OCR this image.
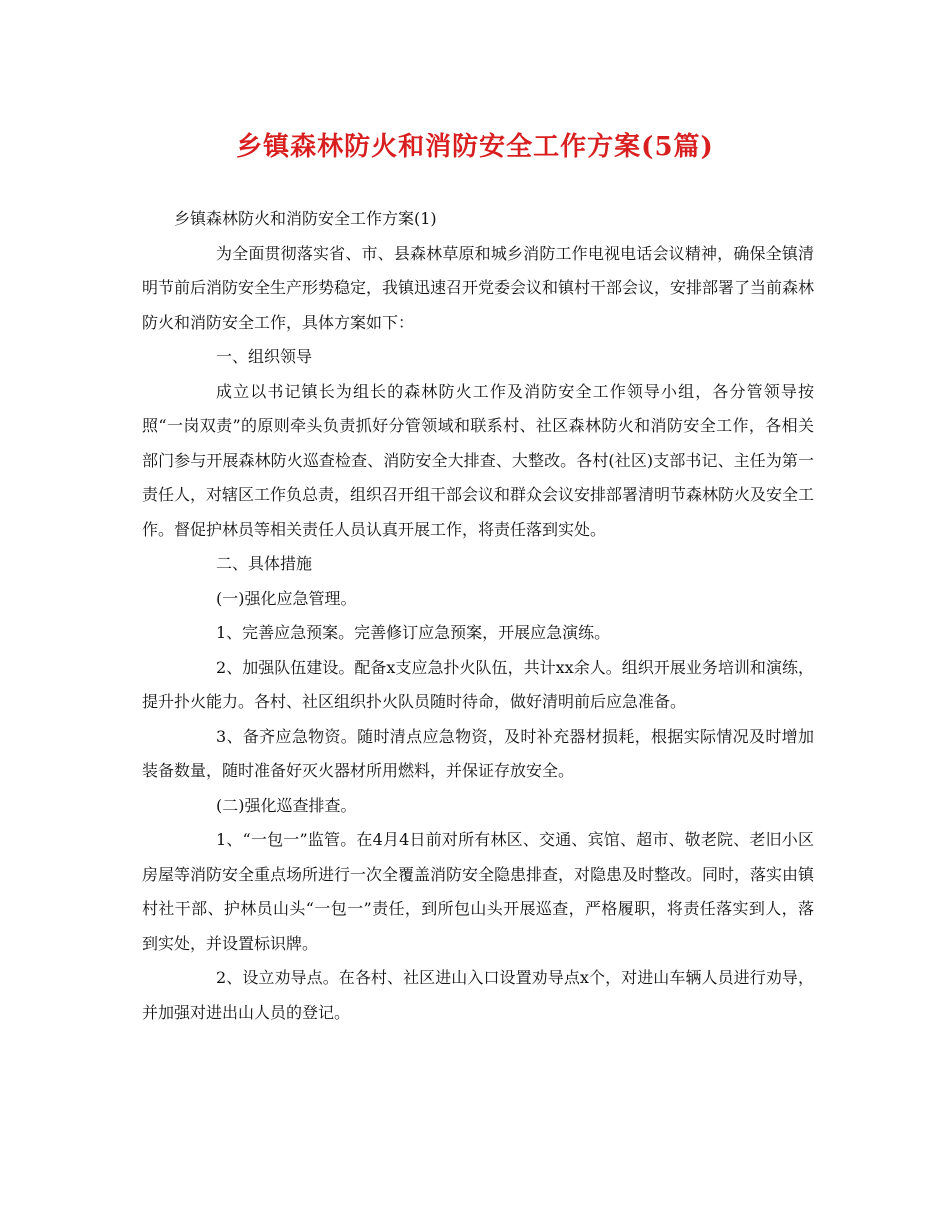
乡镇森林防火和消防安全工作方案(5篇)

乡镇森林防火和消防安全工作方案(1)

为全面贯彻落实省、市、县森林草原和城乡消防工作电视电话会议精神，确保全镇清明节前后消防安全生产形势稳定，我镇迅速召开党委会议和镇村干部会议，安排部署了当前森林防火和消防安全工作，具体方案如下：

一、组织领导

成立以书记镇长为组长的森林防火工作及消防安全工作领导小组，各分管领导按照“一岗双责”的原则牵头负责抓好分管领域和联系村、社区森林防火和消防安全工作，各相关部门参与开展森林防火巡查检查、消防安全大排查、大整改。各村(社区)支部书记、主任为第一责任人，对辖区工作负总责，组织召开组干部会议和群众会议安排部署清明节森林防火及安全工作。督促护林员等相关责任人员认真开展工作，将责任落到实处。

二、具体措施

(一)强化应急管理。

1、完善应急预案。完善修订应急预案，开展应急演练。

2、加强队伍建设。配备x支应急扑火队伍，共计xx余人。组织开展业务培训和演练，提升扑火能力。各村、社区组织扑火队员随时待命，做好清明前后应急准备。

3、备齐应急物资。随时清点应急物资，及时补充器材损耗，根据实际情况及时增加装备数量，随时准备好灭火器材所用燃料，并保证存放安全。

(二)强化巡查排查。

1、“一包一”监管。在4月4日前对所有林区、交通、宾馆、超市、敬老院、老旧小区房屋等消防安全重点场所进行一次全覆盖消防安全隐患排查，对隐患及时整改。同时，落实由镇村社干部、护林员山头“一包一”责任，到所包山头开展巡查，严格履职，将责任落实到人，落到实处，并设置标识牌。

2、设立劝导点。在各村、社区进山入口设置劝导点x个，对进山车辆人员进行劝导，并加强对进出山人员的登记。
